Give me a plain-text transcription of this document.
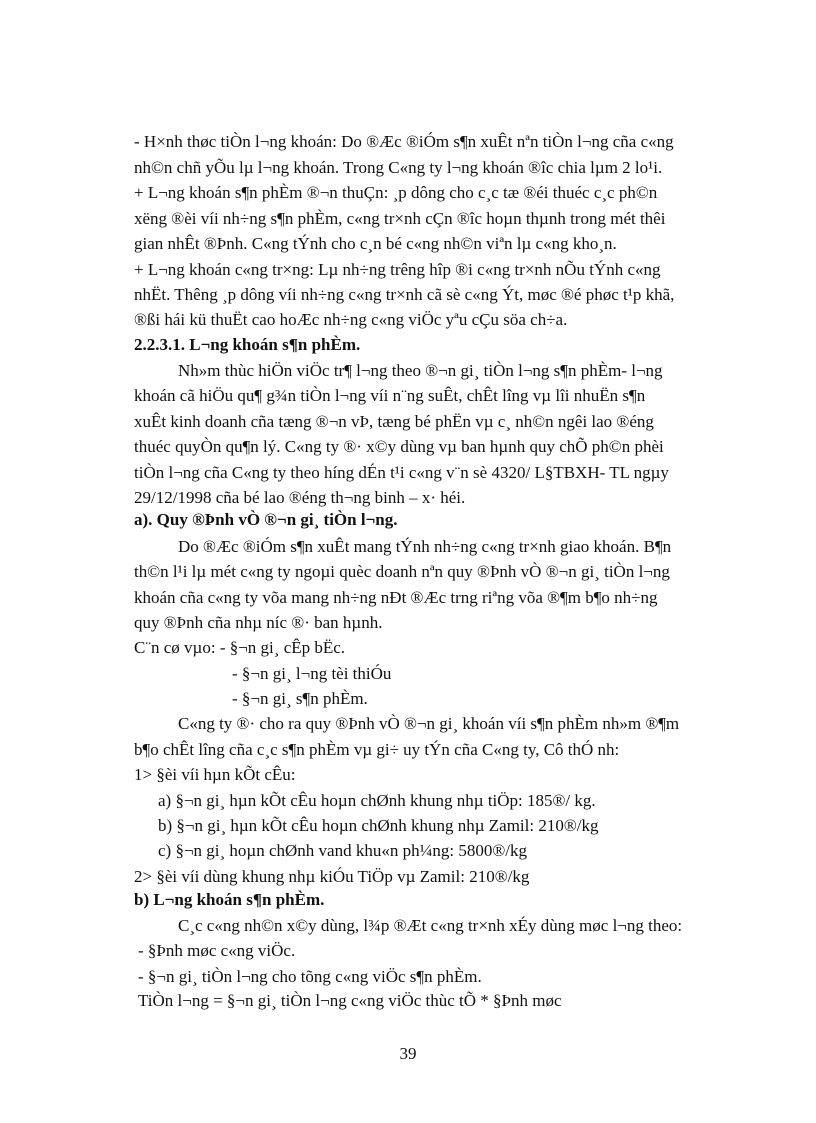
- H×nh thøc tiÒn l¬ng khoán: Do ®Æc ®iÓm s¶n xuÊt nªn tiÒn l¬ng cña c«ng
nh©n chñ yÕu lµ l¬ng khoán. Trong C«ng ty l¬ng khoán ®îc chia lµm 2 lo¹i.
+ L¬ng khoán s¶n phÈm ®¬n thuÇn: ¸p dông cho c¸c tæ ®éi thuéc c¸c ph©n
xëng ®èi víi nh÷ng s¶n phÈm, c«ng tr×nh cÇn ®îc hoµn thµnh trong mét thêi
gian nhÊt ®Þnh. C«ng tÝnh cho c¸n bé c«ng nh©n viªn lµ c«ng kho¸n.
+ L¬ng khoán c«ng tr×ng: Lµ nh÷ng trêng hîp ®i c«ng tr×nh nÕu tÝnh c«ng
nhËt. Thêng ¸p dông víi nh÷ng c«ng tr×nh cã sè c«ng Ýt, møc ®é phøc t¹p khã,
®ßi hái kü thuËt cao hoÆc nh÷ng c«ng viÖc yªu cÇu söa ch÷a.
2.2.3.1. L¬ng khoán s¶n phÈm.
Nh»m thùc hiÖn viÖc tr¶ l¬ng theo ®¬n gi¸ tiÒn l¬ng s¶n phÈm- l¬ng
khoán cã hiÖu qu¶ g¾n tiÒn l¬ng víi n¨ng suÊt, chÊt lîng vµ lîi nhuËn s¶n
xuÊt kinh doanh cña tæng ®¬n vÞ, tæng bé phËn vµ c¸ nh©n ngêi lao ®éng
thuéc quyÒn qu¶n lý. C«ng ty ®· x©y dùng vµ ban hµnh quy chÕ ph©n phèi
tiÒn l¬ng cña C«ng ty theo híng dÉn t¹i c«ng v¨n sè 4320/ L§TBXH- TL ngµy
29/12/1998 cña bé lao ®éng th¬ng binh – x· héi.
a). Quy ®Þnh vÒ ®¬n gi¸ tiÒn l¬ng.
Do ®Æc ®iÓm s¶n xuÊt mang tÝnh nh÷ng c«ng tr×nh giao khoán. B¶n
th©n l¹i lµ mét c«ng ty ngoµi quèc doanh nªn quy ®Þnh vÒ ®¬n gi¸ tiÒn l¬ng
khoán cña c«ng ty võa mang nh÷ng nÐt ®Æc trng riªng võa ®¶m b¶o nh÷ng
quy ®Þnh cña nhµ níc ®· ban hµnh.
C¨n cø vµo: - §¬n gi¸ cÊp bËc.
- §¬n gi¸ l¬ng tèi thiÓu
- §¬n gi¸ s¶n phÈm.
C«ng ty ®· cho ra quy ®Þnh vÒ ®¬n gi¸ khoán víi s¶n phÈm nh»m ®¶m
b¶o chÊt lîng cña c¸c s¶n phÈm vµ gi÷ uy tÝn cña C«ng ty, Cô thÓ nh:
1> §èi víi hµn kÕt cÊu:
a) §¬n gi¸ hµn kÕt cÊu hoµn chØnh khung nhµ tiÖp: 185®/ kg.
b) §¬n gi¸ hµn kÕt cÊu hoµn chØnh khung nhµ Zamil: 210®/kg
c) §¬n gi¸ hoµn chØnh vand khu«n ph¼ng: 5800®/kg
2> §èi víi dùng khung nhµ kiÓu TiÖp vµ Zamil: 210®/kg
b) L¬ng khoán s¶n phÈm.
C¸c c«ng nh©n x©y dùng, l¾p ®Æt c«ng tr×nh xÉy dùng møc l¬ng theo:
- §Þnh møc c«ng viÖc.
- §¬n gi¸ tiÒn l¬ng cho tõng c«ng viÖc s¶n phÈm.
TiÒn l¬ng = §¬n gi¸ tiÒn l¬ng c«ng viÖc thùc tÕ * §Þnh møc
39
